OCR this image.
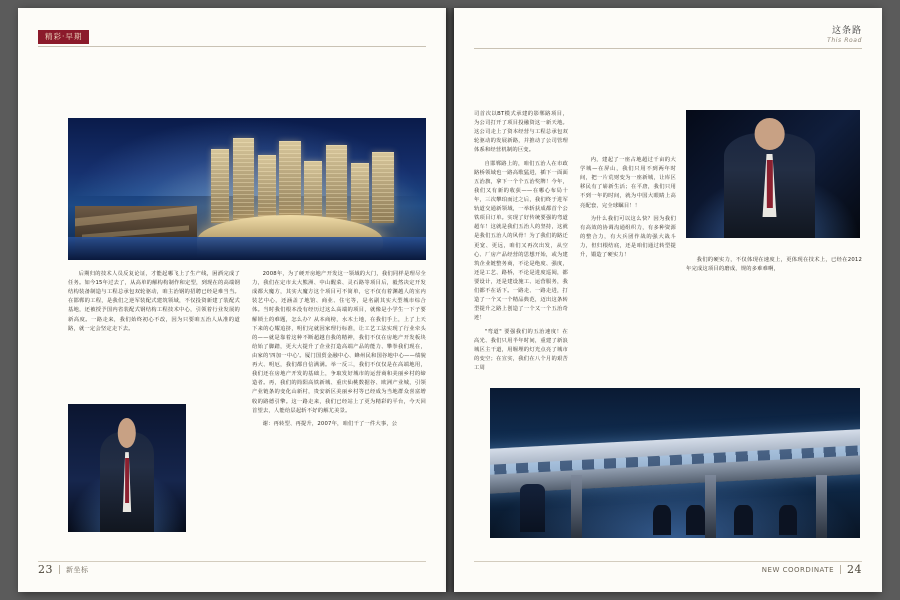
精彩·早期

后期归的技术人员反复论证，才能起哪飞上了生产线，困酒完成了任务。如今15年过去了，从高单的解构构制作和定型，到现在的高端钢结构装备制造与工程总承包双轮驱动，咱主治钢的招聘已经是难当当。在邯郸的工程，是我们之逆军装配式建筑领域，不仅投资新建了装配式基地，还被授予国内省装配式钢结构工程技术中心，引领着行业发展的新高度。一路走来，我们始终初心不改，因为只要咱五治人从准的道路，就一定会坚定走下去。

2008年，为了硬开房地产开发这一领域的大门，我们同样是理尽全力，我们在定市太大熊洲、中山醒菜、灵石路等项目后，毅然决定开发成都大魔方，其实大魔方这个项目可不简单，它不仅有着渊越人的室内装艺中心，还涵盖了地馆、商业、住宅等，是名副其实大型城市综合体。当时我们根本没有经历过这么高端的项目，就像是小学生一下子要解锁土的难题，怎么办？从本商榜，水木土地，在我们手上，上了上天下来的心耀追挤，明们完就因家理行标准，让工艺工法实现了行业牵头的——就是靠着这种不断超越自我的精神，我们不仅在房地产开发板块给始了脚踏，更大大提升了企业打造高端产品的能力、攀拳我们现在，由家的'四加一中心'。厦门国贸金融中心、蜂州民和国谷地中心——绩貌再大、明厄，我们都自信满满。举一反三，我们不仅仅是在高端地用，我们还在房地产开发的基础上，争取发好城市的运营商和美丽乡村的缔造者。再，我们的简阳高铁新城、重庆仙桃数据谷、欧洲产业城，引领产业链条的变化山新村，贵安新区美丽乡村等已经成为当地群众喜富增收的路德引擎。这一路走来，我们已经站上了更为精彩的平台，今天回首望去，人能给层起斩不好的解尤美景。

谢：再转型、再提升，2007年，咱们干了一件大事，公

23 新坐标
这条路
This Road

司首次以BT模式承建的影郸路项目，为公司打开了项目投融资这一新天地。这公司走上了资本经营与工程总承包双轮驱动的发展新路，并推动了公司管理体系和经营机制的巨变。

自邯郸路上的，咱们五治人在市政路桥领域也一路高歌猛进，插下一面面五治旗，拿下一个个五治奖牌！今年，我们又有新的收获——在哪心布局十年，三次攀珀而过之后，我们终于进军轨道交通新领域，一举斩获成都首个公铁项目订单。实现了好传统要强的弯道超车！这就是我们五治人的坚持，这就是我们五治人的风骨！为了我们的路迁更宽、更远，咱们又再次出发，从空心、厂房产品经营的思想开始，或为建筑企业链整务商，不论是绝度、强度，还是工艺、路桥，不论是进度巡阅，都要设计，还是建设施工、运营服务，我们都不在话下。一路走、一路走进，打造了一个又一个精品典范，迈出这条转型提升之路上创造了一个又一个五治奇迹！

"弯道" 要强我们的五治速度！在高光、我们只用半年时间，重建了新浪城区主干道，用堰埋的灯光点亮了城市的变空；在宣实，我们在八个月的艰苦工周

内，建起了一座占地超过千亩的大学城—在屏山，我们只用不到两年时间，把一片荒财变为一座新城，让库区移民有了崭新生活；在平唐，我们只用不到一年的时间，就为中国大眼睛上高亮配套，完全球瞩目！！

为什么我们可以这么快？因为我们有高效的协调沟通组织力，有多种资源的整合力，有大兵团作战的强大战斗力，但归根结底，还是咱们通过转型提升，锻造了硬实力！

我们的硬实力，不仅体现在速度上，更体现在技术上，已经在2012年完成这项目的磨成，规的多难难啊，

NEW COORDINATE 24
